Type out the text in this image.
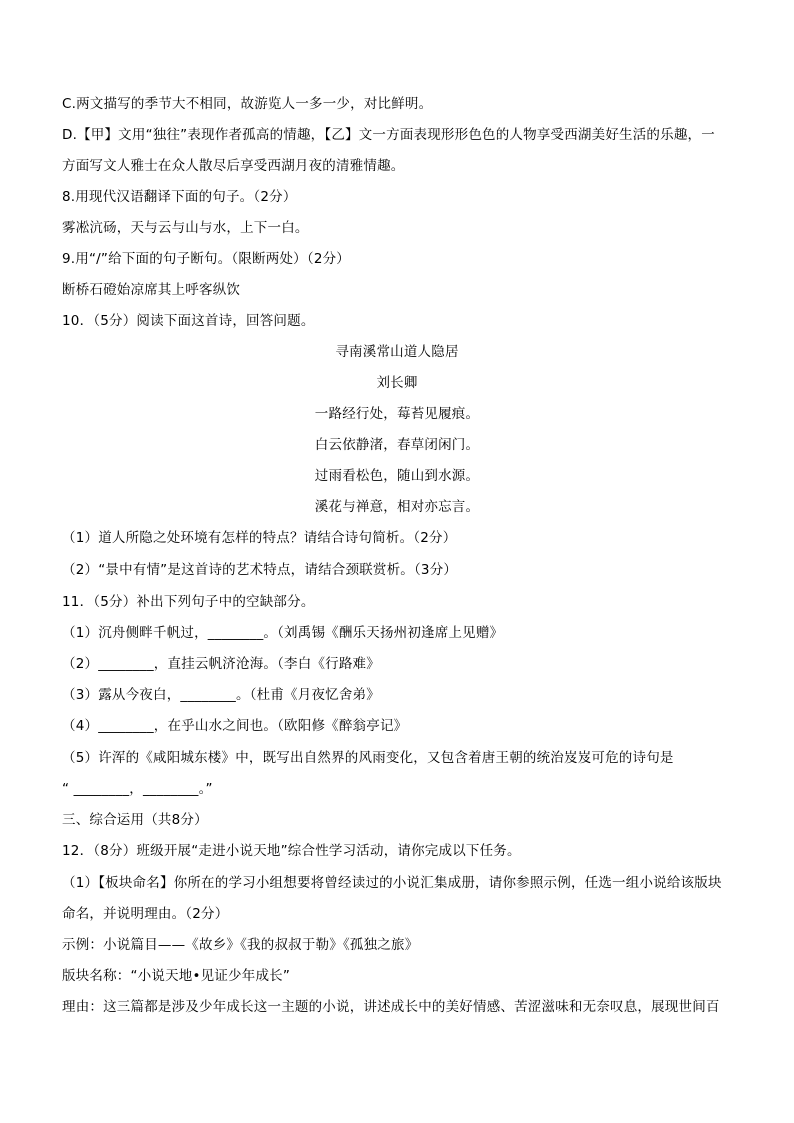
C.两文描写的季节大不相同，故游览人一多一少，对比鲜明。
D.【甲】文用“独往”表现作者孤高的情趣，【乙】文一方面表现形形色色的人物享受西湖美好生活的乐趣，一
方面写文人雅士在众人散尽后享受西湖月夜的清雅情趣。
8.用现代汉语翻译下面的句子。（2分）
雾凇沆砀，天与云与山与水，上下一白。
9.用“/”给下面的句子断句。（限断两处）（2分）
断桥石磴始凉席其上呼客纵饮
10．（5分）阅读下面这首诗，回答问题。
寻南溪常山道人隐居
刘长卿
一路经行处，莓苔见履痕。
白云依静渚，春草闭闲门。
过雨看松色，随山到水源。
溪花与禅意，相对亦忘言。
（1）道人所隐之处环境有怎样的特点？请结合诗句简析。（2分）
（2）“景中有情”是这首诗的艺术特点，请结合颈联赏析。（3分）
11．（5分）补出下列句子中的空缺部分。
（1）沉舟侧畔千帆过，________。（刘禹锡《酬乐天扬州初逢席上见赠》
（2）________，直挂云帆济沧海。（李白《行路难》
（3）露从今夜白，________。（杜甫《月夜忆舍弟》
（4）________，在乎山水之间也。（欧阳修《醉翁亭记》
（5）许浑的《咸阳城东楼》中，既写出自然界的风雨变化，又包含着唐王朝的统治岌岌可危的诗句是
“ ________，________。”
三、综合运用（共8分）
12．（8分）班级开展“走进小说天地”综合性学习活动，请你完成以下任务。
（1）【板块命名】你所在的学习小组想要将曾经读过的小说汇集成册，请你参照示例，任选一组小说给该版块
命名，并说明理由。（2分）
示例：小说篇目——《故乡》《我的叔叔于勒》《孤独之旅》
版块名称：“小说天地•见证少年成长”
理由：这三篇都是涉及少年成长这一主题的小说，讲述成长中的美好情感、苦涩滋味和无奈叹息，展现世间百
